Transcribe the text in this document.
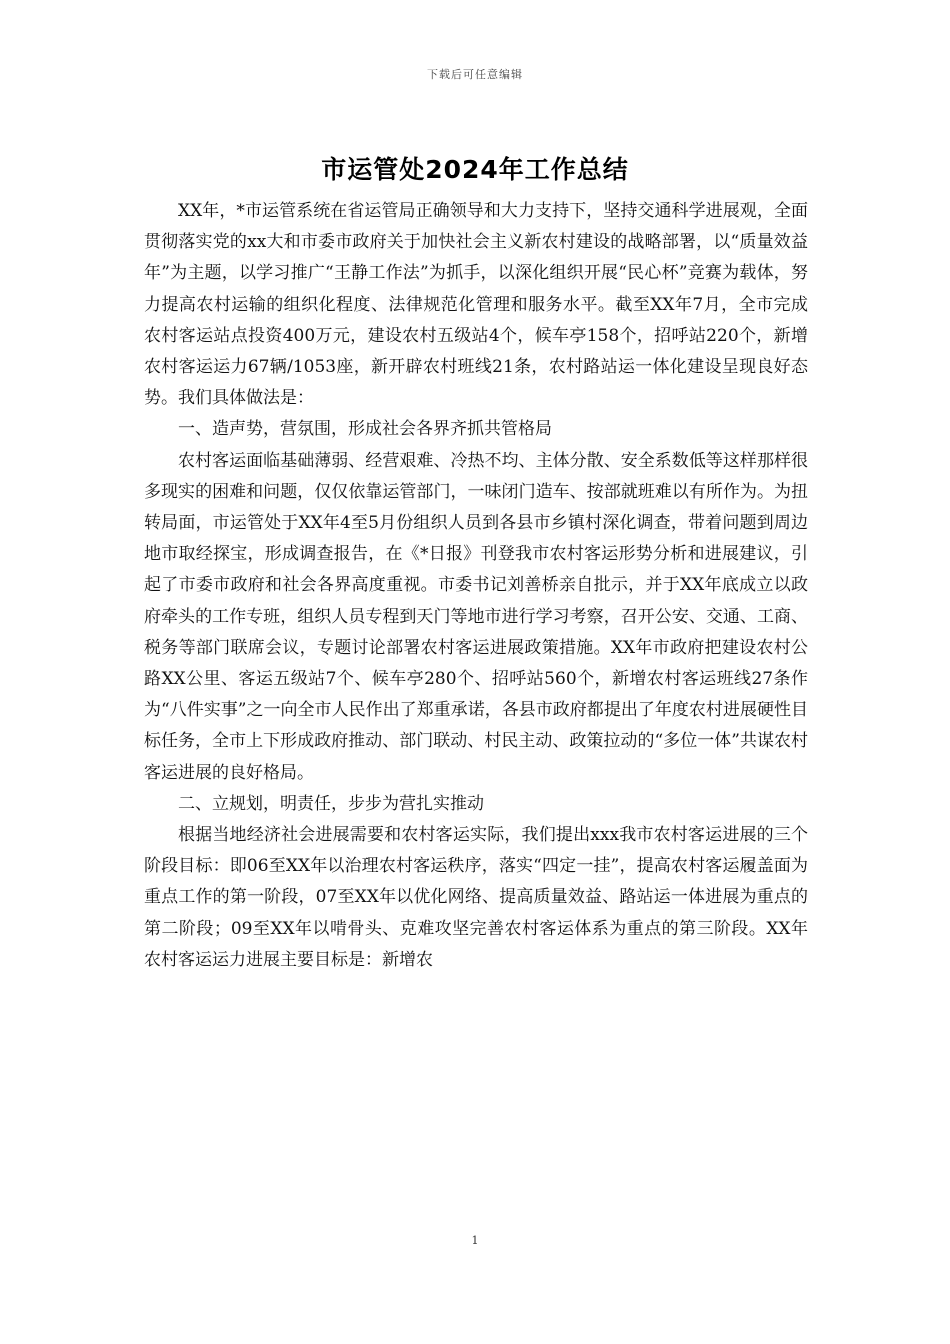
下载后可任意编辑
市运管处2024年工作总结

XX年，*市运管系统在省运管局正确领导和大力支持下，坚持交通科学进展观，全面贯彻落实党的xx大和市委市政府关于加快社会主义新农村建设的战略部署，以“质量效益年”为主题，以学习推广“王静工作法”为抓手，以深化组织开展“民心杯”竞赛为载体，努力提高农村运输的组织化程度、法律规范化管理和服务水平。截至XX年7月，全市完成农村客运站点投资400万元，建设农村五级站4个，候车亭158个，招呼站220个，新增农村客运运力67辆/1053座，新开辟农村班线21条，农村路站运一体化建设呈现良好态势。我们具体做法是：

一、造声势，营氛围，形成社会各界齐抓共管格局

农村客运面临基础薄弱、经营艰难、冷热不均、主体分散、安全系数低等这样那样很多现实的困难和问题，仅仅依靠运管部门，一味闭门造车、按部就班难以有所作为。为扭转局面，市运管处于XX年4至5月份组织人员到各县市乡镇村深化调查，带着问题到周边地市取经探宝，形成调查报告，在《*日报》刊登我市农村客运形势分析和进展建议，引起了市委市政府和社会各界高度重视。市委书记刘善桥亲自批示，并于XX年底成立以政府牵头的工作专班，组织人员专程到天门等地市进行学习考察，召开公安、交通、工商、税务等部门联席会议，专题讨论部署农村客运进展政策措施。XX年市政府把建设农村公路XX公里、客运五级站7个、候车亭280个、招呼站560个，新增农村客运班线27条作为“八件实事”之一向全市人民作出了郑重承诺，各县市政府都提出了年度农村进展硬性目标任务，全市上下形成政府推动、部门联动、村民主动、政策拉动的“多位一体”共谋农村客运进展的良好格局。

二、立规划，明责任，步步为营扎实推动

根据当地经济社会进展需要和农村客运实际，我们提出xxx我市农村客运进展的三个阶段目标：即06至XX年以治理农村客运秩序，落实“四定一挂”，提高农村客运履盖面为重点工作的第一阶段，07至XX年以优化网络、提高质量效益、路站运一体进展为重点的第二阶段；09至XX年以啃骨头、克难攻坚完善农村客运体系为重点的第三阶段。XX年农村客运运力进展主要目标是：新增农

1
